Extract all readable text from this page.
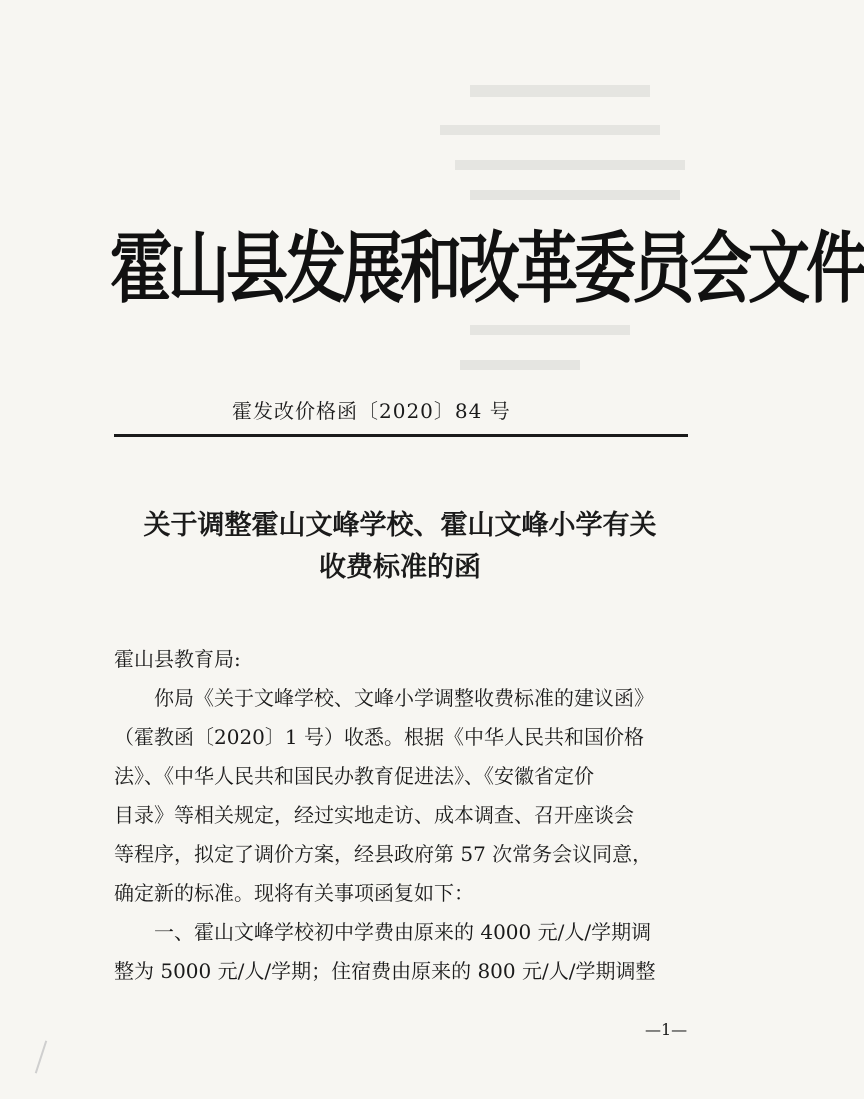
霍山县发展和改革委员会文件
霍发改价格函〔2020〕84 号
关于调整霍山文峰学校、霍山文峰小学有关
收费标准的函
霍山县教育局:
你局《关于文峰学校、文峰小学调整收费标准的建议函》
（霍教函〔2020〕1 号）收悉。根据《中华人民共和国价格
法》、《中华人民共和国民办教育促进法》、《安徽省定价
目录》等相关规定，经过实地走访、成本调查、召开座谈会
等程序，拟定了调价方案，经县政府第 57 次常务会议同意，
确定新的标准。现将有关事项函复如下：
一、霍山文峰学校初中学费由原来的 4000 元/人/学期调
整为 5000 元/人/学期；住宿费由原来的 800 元/人/学期调整
—1—
